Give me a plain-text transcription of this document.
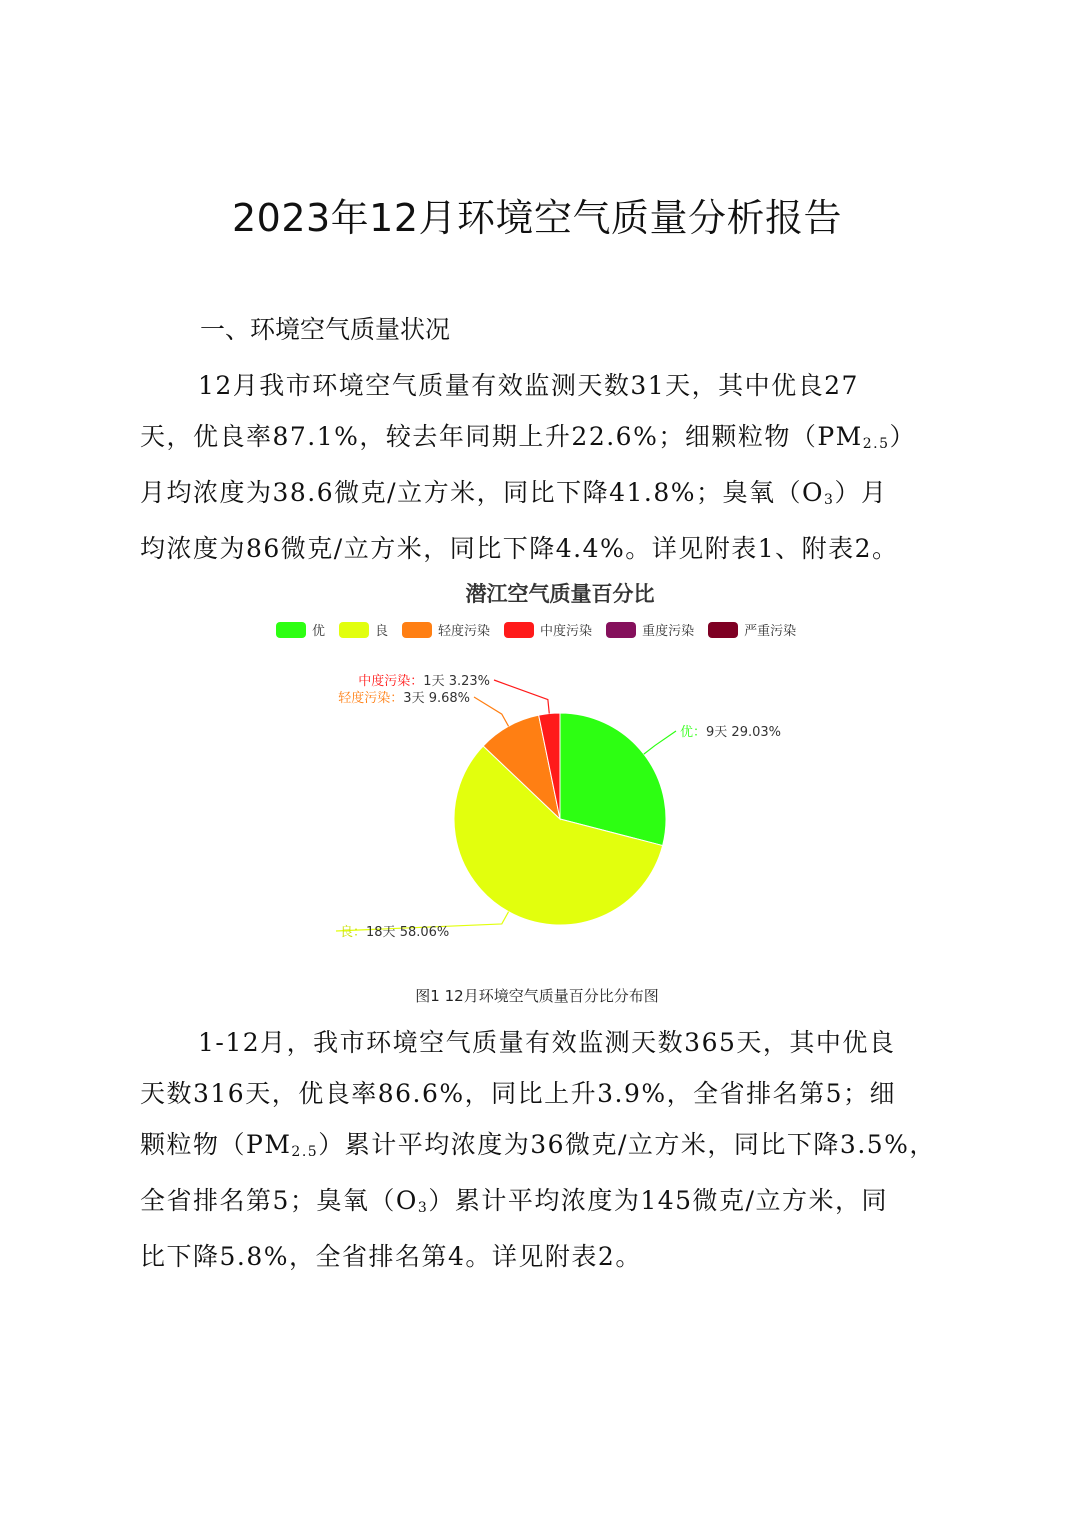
2023年12月环境空气质量分析报告
一、环境空气质量状况
12月我市环境空气质量有效监测天数31天，其中优良27
天，优良率87.1%，较去年同期上升22.6%；细颗粒物$(PM_{2.5})$
月均浓度为38.6微克/立方米，同比下降41.8%；臭氧$(O_3)$月
均浓度为86微克/立方米，同比下降4.4%。详见附表1、附表2。
潜江空气质量百分比
优	良	轻度污染	中度污染	重度污染	严重污染
优：9天 29.03%
良：18天 58.06%
轻度污染：3天 9.68%
中度污染：1天 3.23%
图1 12月环境空气质量百分比分布图
1-12月，我市环境空气质量有效监测天数365天，其中优良
天数316天，优良率86.6%，同比上升3.9%，全省排名第5；细
颗粒物$(PM_{2.5})$累计平均浓度为36微克/立方米，同比下降3.5%，
全省排名第5；臭氧$(O_3)$累计平均浓度为145微克/立方米，同
比下降5.8%，全省排名第4。详见附表2。
